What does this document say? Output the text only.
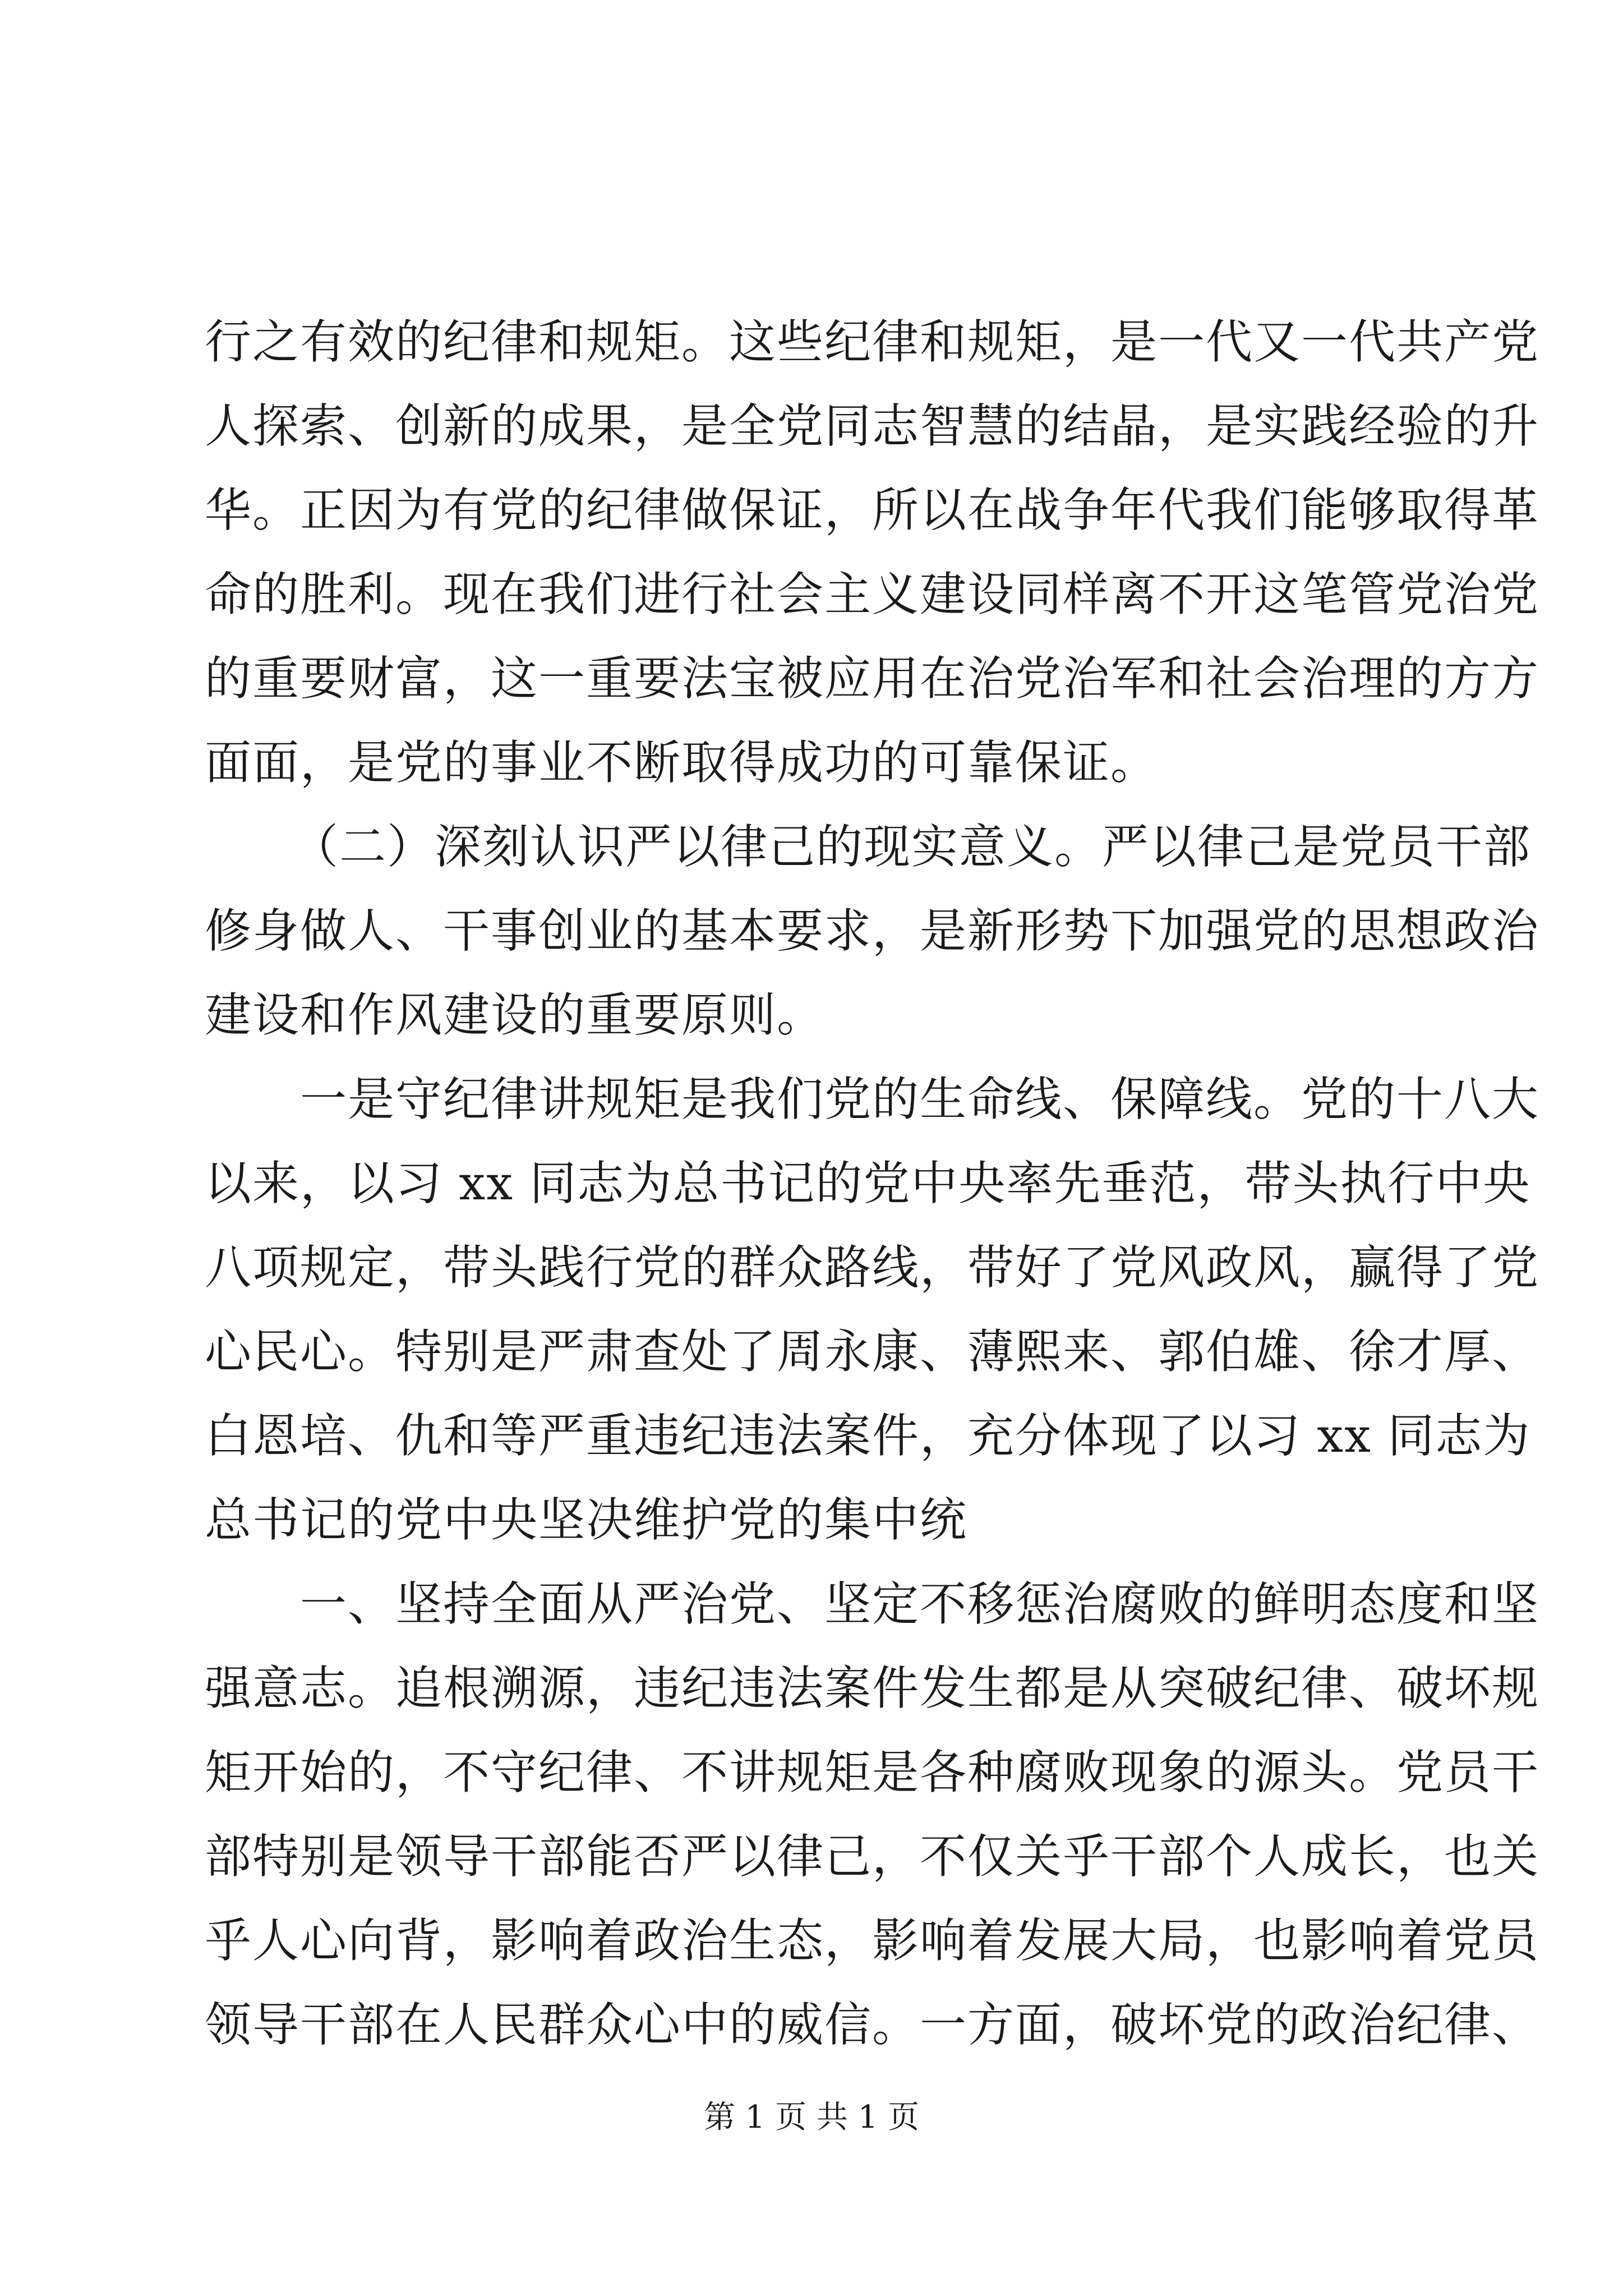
行之有效的纪律和规矩。这些纪律和规矩，是一代又一代共产党
人探索、创新的成果，是全党同志智慧的结晶，是实践经验的升
华。正因为有党的纪律做保证，所以在战争年代我们能够取得革
命的胜利。现在我们进行社会主义建设同样离不开这笔管党治党
的重要财富，这一重要法宝被应用在治党治军和社会治理的方方
面面，是党的事业不断取得成功的可靠保证。
（二）深刻认识严以律己的现实意义。严以律己是党员干部
修身做人、干事创业的基本要求，是新形势下加强党的思想政治
建设和作风建设的重要原则。
一是守纪律讲规矩是我们党的生命线、保障线。党的十八大
以来，以习 xx 同志为总书记的党中央率先垂范，带头执行中央
八项规定，带头践行党的群众路线，带好了党风政风，赢得了党
心民心。特别是严肃查处了周永康、薄熙来、郭伯雄、徐才厚、
白恩培、仇和等严重违纪违法案件，充分体现了以习 xx 同志为
总书记的党中央坚决维护党的集中统
一、坚持全面从严治党、坚定不移惩治腐败的鲜明态度和坚
强意志。追根溯源，违纪违法案件发生都是从突破纪律、破坏规
矩开始的，不守纪律、不讲规矩是各种腐败现象的源头。党员干
部特别是领导干部能否严以律己，不仅关乎干部个人成长，也关
乎人心向背，影响着政治生态，影响着发展大局，也影响着党员
领导干部在人民群众心中的威信。一方面，破坏党的政治纪律、
第 1 页 共 1 页
